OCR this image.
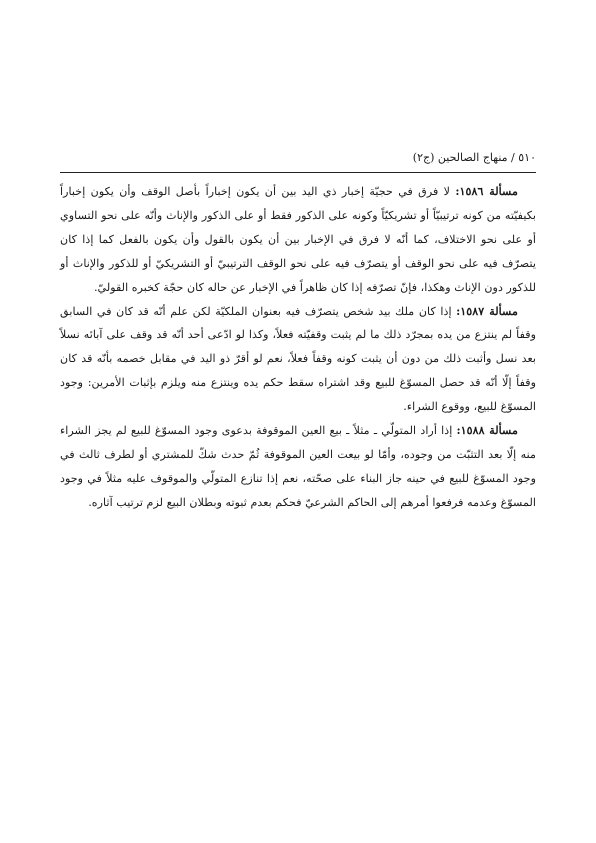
٥١٠ / منهاج الصالحين (ج٢)

مسألة ١٥٨٦: لا فرق في حجيّة إخبار ذي اليد بين أن يكون إخباراً بأصل الوقف وأن يكون إخباراً بكيفيّته من كونه ترتيبيّاً أو تشريكيّاً وكونه على الذكور فقط أو على الذكور والإناث وأنّه على نحو التساوي أو على نحو الاختلاف، كما أنّه لا فرق في الإخبار بين أن يكون بالقول وأن يكون بالفعل كما إذا كان يتصرّف فيه على نحو الوقف أو يتصرّف فيه على نحو الوقف الترتيبيّ أو التشريكيّ أو للذكور والإناث أو للذكور دون الإناث وهكذا، فإنّ تصرّفه إذا كان ظاهراً في الإخبار عن حاله كان حجّة كخبره القوليّ.

مسألة ١٥٨٧: إذا كان ملك بيد شخص يتصرّف فيه بعنوان الملكيّة لكن علم أنّه قد كان في السابق وقفاً لم ينتزع من يده بمجرّد ذلك ما لم يثبت وقفيّته فعلاً، وكذا لو ادّعى أحد أنّه قد وقف على آبائه نسلاً بعد نسل وأثبت ذلك من دون أن يثبت كونه وقفاً فعلاً، نعم لو أقرّ ذو اليد في مقابل خصمه بأنّه قد كان وقفاً إلّا أنّه قد حصل المسوّغ للبيع وقد اشتراه سقط حكم يده وينتزع منه ويلزم بإثبات الأمرين: وجود المسوّغ للبيع، ووقوع الشراء.

مسألة ١٥٨٨: إذا أراد المتولّي ـ مثلاً ـ بيع العين الموقوفة بدعوى وجود المسوّغ للبيع لم يجز الشراء منه إلّا بعد التثبّت من وجوده، وأمّا لو بيعت العين الموقوفة ثُمّ حدث شكّ للمشتري أو لطرف ثالث في وجود المسوّغ للبيع في حينه جاز البناء على صحّته، نعم إذا تنازع المتولّي والموقوف عليه مثلاً في وجود المسوّغ وعدمه فرفعوا أمرهم إلى الحاكم الشرعيّ فحكم بعدم ثبوته وبطلان البيع لزم ترتيب آثاره.
